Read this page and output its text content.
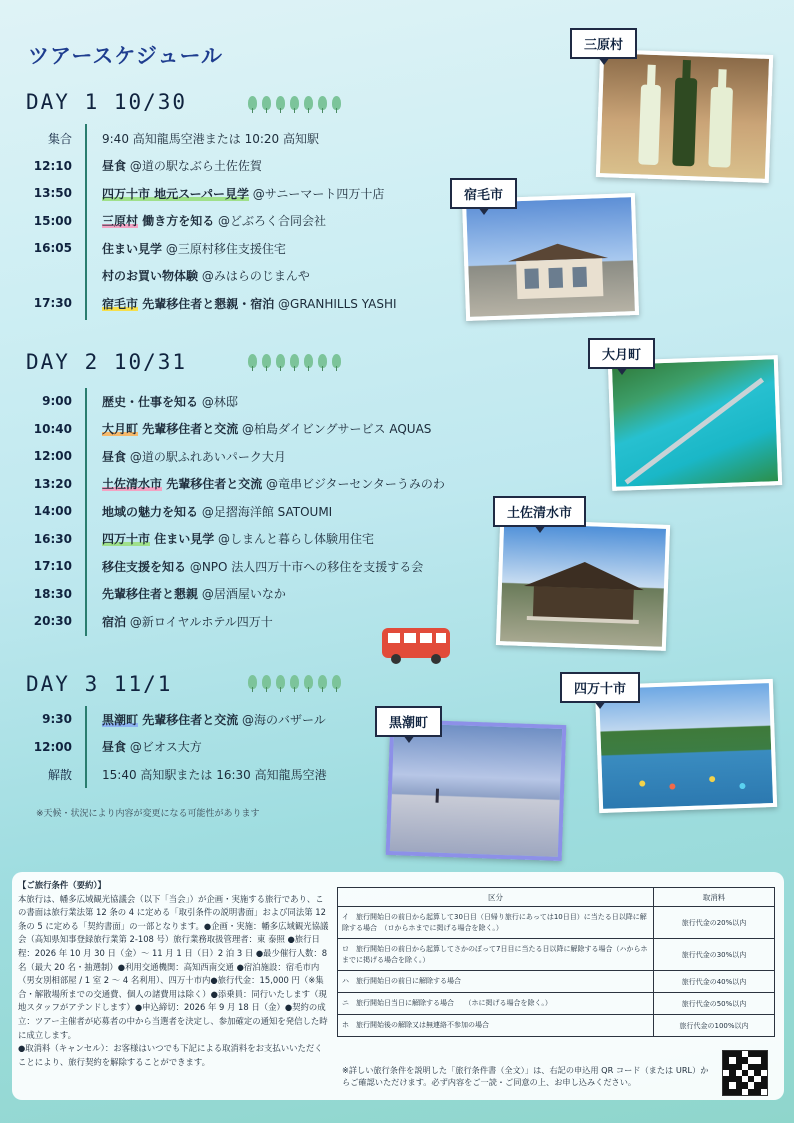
ツアースケジュール
DAY 1 10/30
DAY 2 10/31
DAY 3 11/1
集合	9:40 高知龍馬空港または 10:20 高知駅
12:10	昼食 @道の駅なぶら土佐佐賀
13:50	四万十市 地元スーパー見学 @サニーマート四万十店
15:00	三原村 働き方を知る @どぶろく合同会社
16:05	住まい見学 @三原村移住支援住宅
村のお買い物体験 @みはらのじまんや
17:30	宿毛市 先輩移住者と懇親・宿泊 @GRANHILLS YASHI
9:00	歴史・仕事を知る @林邸
10:40	大月町 先輩移住者と交流 @柏島ダイビングサービス AQUAS
12:00	昼食 @道の駅ふれあいパーク大月
13:20	土佐清水市 先輩移住者と交流 @竜串ビジターセンターうみのわ
14:00	地域の魅力を知る @足摺海洋館 SATOUMI
16:30	四万十市 住まい見学 @しまんと暮らし体験用住宅
17:10	移住支援を知る @NPO 法人四万十市への移住を支援する会
18:30	先輩移住者と懇親 @居酒屋いなか
20:30	宿泊 @新ロイヤルホテル四万十
9:30	黒潮町 先輩移住者と交流 @海のバザール
12:00	昼食 @ビオス大方
解散	15:40 高知駅または 16:30 高知龍馬空港
※天候・状況により内容が変更になる可能性があります
三原村
宿毛市
大月町
土佐清水市
四万十市
黒潮町
【ご旅行条件（要約）】
本旅行は、幡多広域観光協議会（以下「当会」）が企画・実施する旅行であり、この書面は旅行業法第 12 条の 4 に定める「取引条件の説明書面」および同法第 12 条の 5 に定める「契約書面」の一部となります。●企画・実施：幡多広域観光協議会（高知県知事登録旅行業第 2-108 号）旅行業務取扱管理者：東 泰照 ●旅行日程：2026 年 10 月 30 日（金）〜 11 月 1 日（日）2 泊 3 日 ●最少催行人数：8 名（最大 20 名・抽選制）●利用交通機関：高知西南交通 ●宿泊施設：宿毛市内（男女別相部屋 / 1 室 2 〜 4 名利用）、四万十市内●旅行代金：15,000 円（※集合・解散場所までの交通費、個人の諸費用は除く）●添乗員：同行いたします（現地スタッフがアテンドします）●申込締切：2026 年 9 月 18 日（金）●契約の成立：ツアー主催者が応募者の中から当選者を決定し、参加確定の通知を発信した時に成立します。
●取消料（キャンセル）：お客様はいつでも下記による取消料をお支払いいただくことにより、旅行契約を解除することができます。
区分	取消料
イ　旅行開始日の前日から起算して30日目（日帰り旅行にあっては10日目）に当たる日以降に解除する場合　（ロからホまでに掲げる場合を除く。）	旅行代金の20%以内
ロ　旅行開始日の前日から起算してさかのぼって7日目に当たる日以降に解除する場合（ハからホまでに掲げる場合を除く。）	旅行代金の30%以内
ハ　旅行開始日の前日に解除する場合	旅行代金の40%以内
ニ　旅行開始日当日に解除する場合　　（ホに掲げる場合を除く。）	旅行代金の50%以内
ホ　旅行開始後の解除又は無連絡不参加の場合	旅行代金の100%以内
※詳しい旅行条件を説明した「旅行条件書（全文）」は、右記の申込用 QR コード（または URL）からご確認いただけます。必ず内容をご一読・ご同意の上、お申し込みください。
